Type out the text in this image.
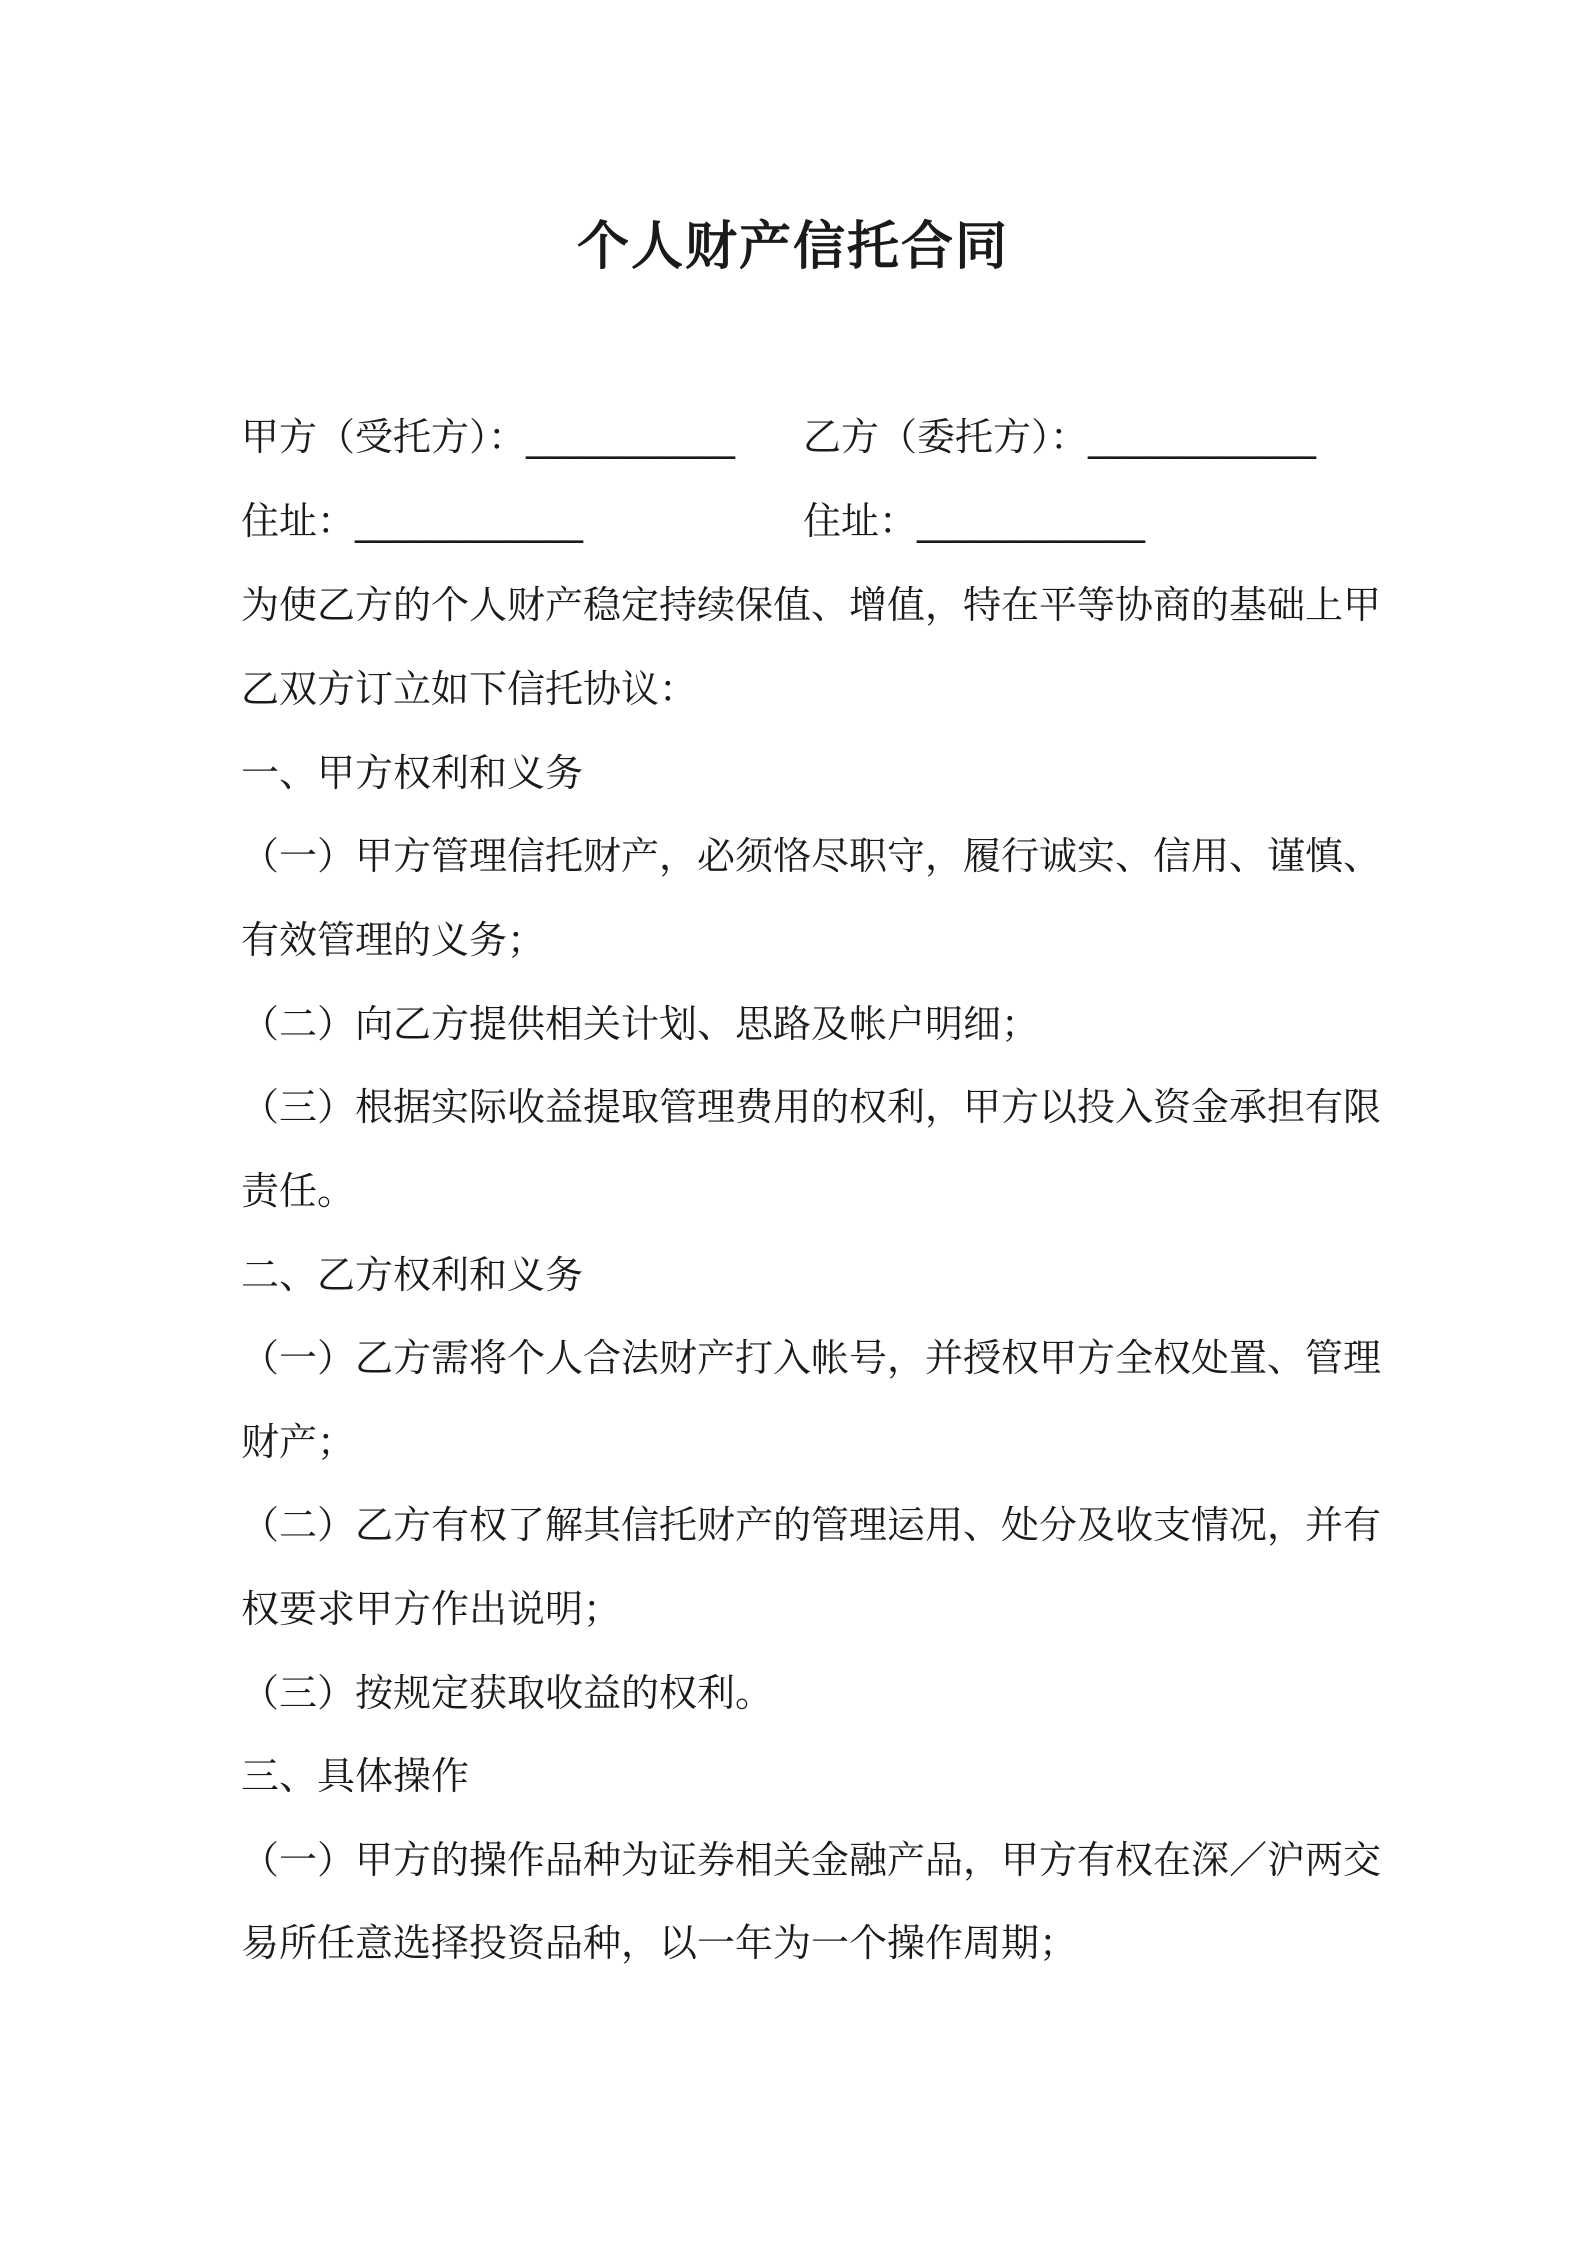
个人财产信托合同
甲方（受托方）：___________ 乙方（委托方）：____________
住址：____________	住址：____________
为使乙方的个人财产稳定持续保值、增值，特在平等协商的基础上甲
乙双方订立如下信托协议：
一、甲方权利和义务
（一）甲方管理信托财产，必须恪尽职守，履行诚实、信用、谨慎、
有效管理的义务；
（二）向乙方提供相关计划、思路及帐户明细；
（三）根据实际收益提取管理费用的权利，甲方以投入资金承担有限
责任。
二、乙方权利和义务
（一）乙方需将个人合法财产打入帐号，并授权甲方全权处置、管理
财产；
（二）乙方有权了解其信托财产的管理运用、处分及收支情况，并有
权要求甲方作出说明；
（三）按规定获取收益的权利。
三、具体操作
（一）甲方的操作品种为证券相关金融产品，甲方有权在深／沪两交
易所任意选择投资品种，以一年为一个操作周期；
